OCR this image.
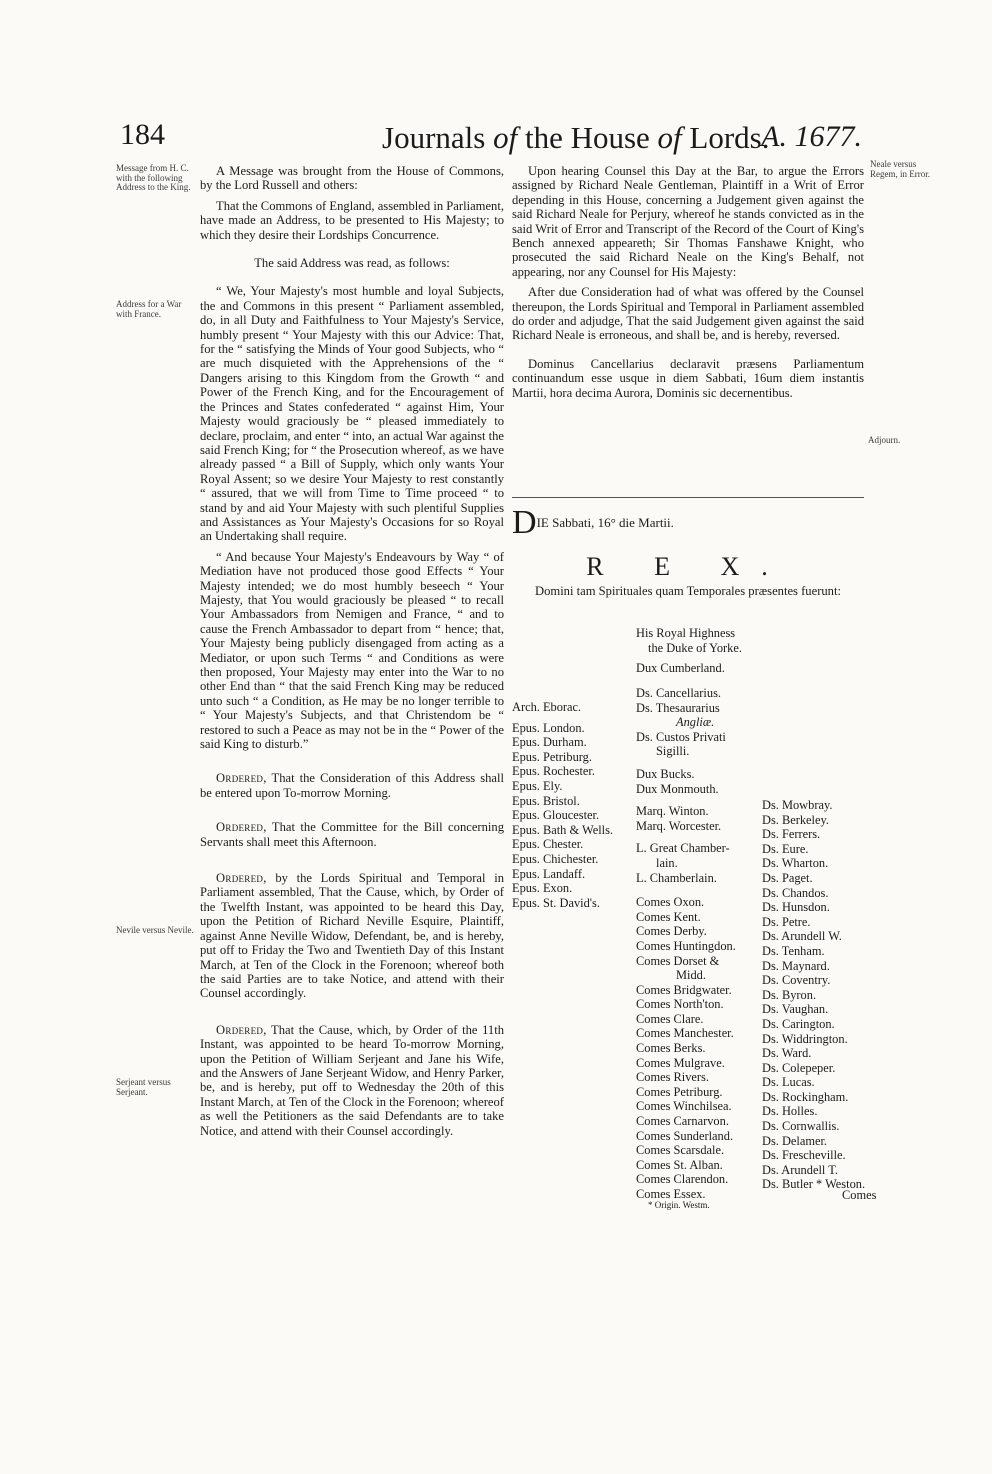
184	Journals of the House of Lords.
A. 1677.
Message from H. C. with the following Address to the King.
Address for a War with France.
Nevile versus Nevile.
Serjeant versus Serjeant.
Neale versus Regem, in Error.
Adjourn.

A Message was brought from the House of Commons, by the Lord Russell and others:

That the Commons of England, assembled in Parliament, have made an Address, to be presented to His Majesty; to which they desire their Lordships Concurrence.

The said Address was read, as follows:

“ We, Your Majesty's most humble and loyal Subjects, the and Commons in this present “ Parliament assembled, do, in all Duty and Faithfulness to Your Majesty's Service, humbly present “ Your Majesty with this our Advice: That, for the “ satisfying the Minds of Your good Subjects, who “ are much disquieted with the Apprehensions of the “ Dangers arising to this Kingdom from the Growth “ and Power of the French King, and for the Encouragement of the Princes and States confederated “ against Him, Your Majesty would graciously be “ pleased immediately to declare, proclaim, and enter “ into, an actual War against the said French King; for “ the Prosecution whereof, as we have already passed “ a Bill of Supply, which only wants Your Royal Assent; so we desire Your Majesty to rest constantly “ assured, that we will from Time to Time proceed “ to stand by and aid Your Majesty with such plentiful Supplies and Assistances as Your Majesty's Occasions for so Royal an Undertaking shall require.

“ And because Your Majesty's Endeavours by Way “ of Mediation have not produced those good Effects “ Your Majesty intended; we do most humbly beseech “ Your Majesty, that You would graciously be pleased “ to recall Your Ambassadors from Nemigen and France, “ and to cause the French Ambassador to depart from “ hence; that, Your Majesty being publicly disengaged from acting as a Mediator, or upon such Terms “ and Conditions as were then proposed, Your Majesty may enter into the War to no other End than “ that the said French King may be reduced unto such “ a Condition, as He may be no longer terrible to “ Your Majesty's Subjects, and that Christendom be “ restored to such a Peace as may not be in the “ Power of the said King to disturb.”

Ordered, That the Consideration of this Address shall be entered upon To-morrow Morning.

Ordered, That the Committee for the Bill concerning Servants shall meet this Afternoon.

Ordered, by the Lords Spiritual and Temporal in Parliament assembled, That the Cause, which, by Order of the Twelfth Instant, was appointed to be heard this Day, upon the Petition of Richard Neville Esquire, Plaintiff, against Anne Neville Widow, Defendant, be, and is hereby, put off to Friday the Two and Twentieth Day of this Instant March, at Ten of the Clock in the Forenoon; whereof both the said Parties are to take Notice, and attend with their Counsel accordingly.

Ordered, That the Cause, which, by Order of the 11th Instant, was appointed to be heard To-morrow Morning, upon the Petition of William Serjeant and Jane his Wife, and the Answers of Jane Serjeant Widow, and Henry Parker, be, and is hereby, put off to Wednesday the 20th of this Instant March, at Ten of the Clock in the Forenoon; whereof as well the Petitioners as the said Defendants are to take Notice, and attend with their Counsel accordingly.

Upon hearing Counsel this Day at the Bar, to argue the Errors assigned by Richard Neale Gentleman, Plaintiff in a Writ of Error depending in this House, concerning a Judgement given against the said Richard Neale for Perjury, whereof he stands convicted as in the said Writ of Error and Transcript of the Record of the Court of King's Bench annexed appeareth; Sir Thomas Fanshawe Knight, who prosecuted the said Richard Neale on the King's Behalf, not appearing, nor any Counsel for His Majesty:

After due Consideration had of what was offered by the Counsel thereupon, the Lords Spiritual and Temporal in Parliament assembled do order and adjudge, That the said Judgement given against the said Richard Neale is erroneous, and shall be, and is hereby, reversed.

Dominus Cancellarius declaravit præsens Parliamentum continuandum esse usque in diem Sabbati, 16um diem instantis Martii, hora decima Aurora, Dominis sic decernentibus.

DIE Sabbati, 16° die Martii.
R E X.
Domini tam Spirituales quam Temporales præsentes fuerunt:
His Royal Highness
the Duke of Yorke.
Dux Cumberland.
Arch. Eborac.
Epus. London.
Epus. Durham.
Epus. Petriburg.
Epus. Rochester.
Epus. Ely.
Epus. Bristol.
Epus. Gloucester.
Epus. Bath & Wells.
Epus. Chester.
Epus. Chichester.
Epus. Landaff.
Epus. Exon.
Epus. St. David's.
Ds. Cancellarius.
Ds. Thesaurarius
Angliæ.
Ds. Custos Privati
Sigilli.
Dux Bucks.
Dux Monmouth.
Marq. Winton.
Marq. Worcester.
L. Great Chamber-
lain.
L. Chamberlain.
Comes Oxon.
Comes Kent.
Comes Derby.
Comes Huntingdon.
Comes Dorset &
Midd.
Comes Bridgwater.
Comes North'ton.
Comes Clare.
Comes Manchester.
Comes Berks.
Comes Mulgrave.
Comes Rivers.
Comes Petriburg.
Comes Winchilsea.
Comes Carnarvon.
Comes Sunderland.
Comes Scarsdale.
Comes St. Alban.
Comes Clarendon.
Comes Essex.
Ds. Mowbray.
Ds. Berkeley.
Ds. Ferrers.
Ds. Eure.
Ds. Wharton.
Ds. Paget.
Ds. Chandos.
Ds. Hunsdon.
Ds. Petre.
Ds. Arundell W.
Ds. Tenham.
Ds. Maynard.
Ds. Coventry.
Ds. Byron.
Ds. Vaughan.
Ds. Carington.
Ds. Widdrington.
Ds. Ward.
Ds. Colepeper.
Ds. Lucas.
Ds. Rockingham.
Ds. Holles.
Ds. Cornwallis.
Ds. Delamer.
Ds. Frescheville.
Ds. Arundell T.
Ds. Butler * Weston.
* Origin. Westm.
Comes
